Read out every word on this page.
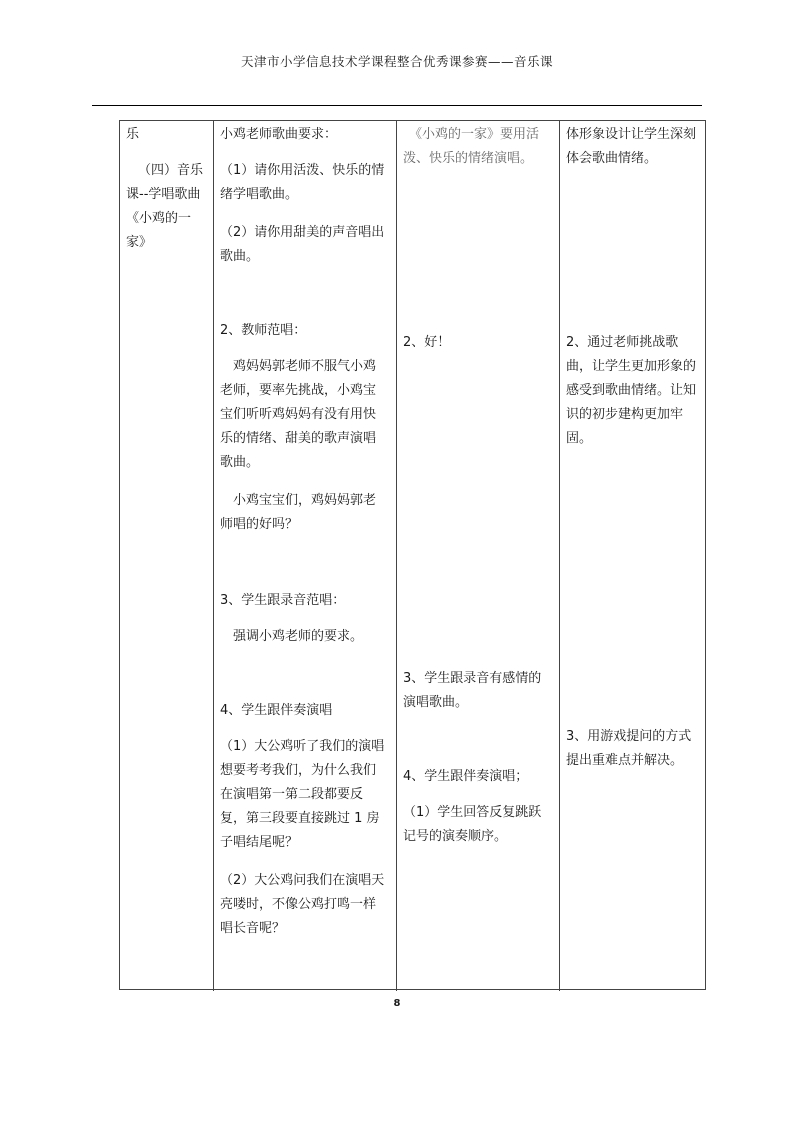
天津市小学信息技术学课程整合优秀课参赛——音乐课
乐
（四）音乐课--学唱歌曲《小鸡的一家》
小鸡老师歌曲要求：
（1）请你用活泼、快乐的情绪学唱歌曲。
（2）请你用甜美的声音唱出歌曲。
2、教师范唱：
鸡妈妈郭老师不服气小鸡老师，要率先挑战，小鸡宝宝们听听鸡妈妈有没有用快乐的情绪、甜美的歌声演唱歌曲。
小鸡宝宝们，鸡妈妈郭老师唱的好吗？
3、学生跟录音范唱：
强调小鸡老师的要求。
4、学生跟伴奏演唱
（1）大公鸡听了我们的演唱想要考考我们，为什么我们在演唱第一第二段都要反复，第三段要直接跳过 1 房子唱结尾呢？
（2）大公鸡问我们在演唱天亮喽时，不像公鸡打鸣一样唱长音呢？
《小鸡的一家》要用活泼、快乐的情绪演唱。
2、好！
3、学生跟录音有感情的演唱歌曲。
4、学生跟伴奏演唱；
（1）学生回答反复跳跃记号的演奏顺序。
体形象设计让学生深刻体会歌曲情绪。
2、通过老师挑战歌曲，让学生更加形象的感受到歌曲情绪。让知识的初步建构更加牢固。
3、用游戏提问的方式提出重难点并解决。
8
